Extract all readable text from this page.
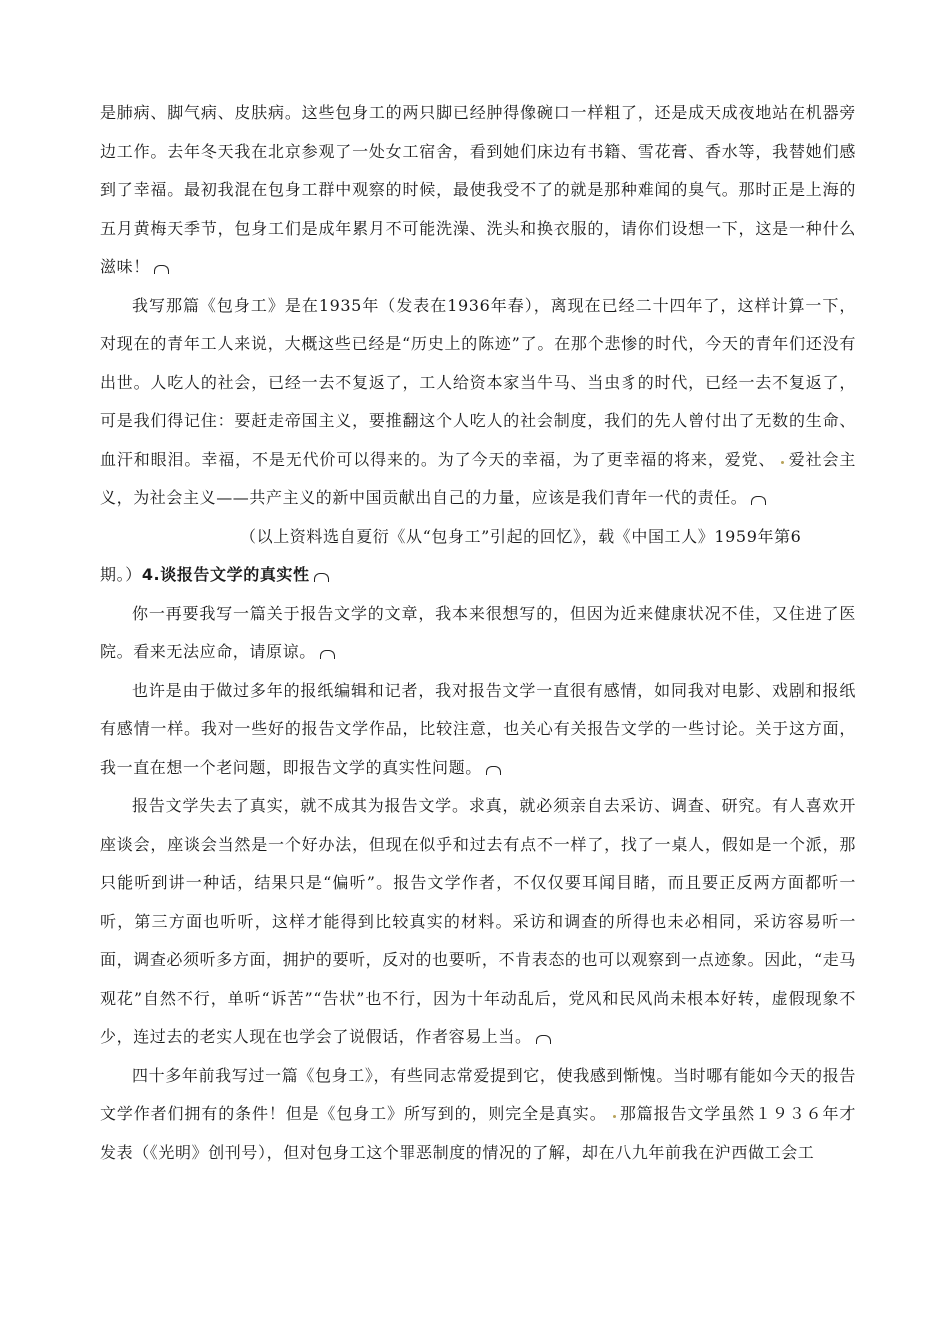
是肺病、脚气病、皮肤病。这些包身工的两只脚已经肿得像碗口一样粗了，还是成天成夜地站在机器旁边工作。去年冬天我在北京参观了一处女工宿舍，看到她们床边有书籍、雪花膏、香水等，我替她们感到了幸福。最初我混在包身工群中观察的时候，最使我受不了的就是那种难闻的臭气。那时正是上海的五月黄梅天季节，包身工们是成年累月不可能洗澡、洗头和换衣服的，请你们设想一下，这是一种什么滋味！

我写那篇《包身工》是在1935年（发表在1936年春），离现在已经二十四年了，这样计算一下，对现在的青年工人来说，大概这些已经是“历史上的陈迹”了。在那个悲惨的时代，今天的青年们还没有出世。人吃人的社会，已经一去不复返了，工人给资本家当牛马、当虫豸的时代，已经一去不复返了，可是我们得记住：要赶走帝国主义，要推翻这个人吃人的社会制度，我们的先人曾付出了无数的生命、血汗和眼泪。幸福，不是无代价可以得来的。为了今天的幸福，为了更幸福的将来，爱党、 爱社会主义，为社会主义——共产主义的新中国贡献出自己的力量，应该是我们青年一代的责任。

（以上资料选自夏衍《从“包身工”引起的回忆》，载《中国工人》1959年第6

期。）4.谈报告文学的真实性

你一再要我写一篇关于报告文学的文章，我本来很想写的，但因为近来健康状况不佳，又住进了医院。看来无法应命，请原谅。

也许是由于做过多年的报纸编辑和记者，我对报告文学一直很有感情，如同我对电影、戏剧和报纸有感情一样。我对一些好的报告文学作品，比较注意，也关心有关报告文学的一些讨论。关于这方面，我一直在想一个老问题，即报告文学的真实性问题。

报告文学失去了真实，就不成其为报告文学。求真，就必须亲自去采访、调查、研究。有人喜欢开座谈会，座谈会当然是一个好办法，但现在似乎和过去有点不一样了，找了一桌人，假如是一个派，那只能听到讲一种话，结果只是“偏听”。报告文学作者，不仅仅要耳闻目睹，而且要正反两方面都听一听，第三方面也听听，这样才能得到比较真实的材料。采访和调查的所得也未必相同，采访容易听一面，调查必须听多方面，拥护的要听，反对的也要听，不肯表态的也可以观察到一点迹象。因此，“走马观花”自然不行，单听“诉苦”“告状”也不行，因为十年动乱后，党风和民风尚未根本好转，虚假现象不少，连过去的老实人现在也学会了说假话，作者容易上当。

四十多年前我写过一篇《包身工》，有些同志常爱提到它，使我感到惭愧。当时哪有能如今天的报告文学作者们拥有的条件！但是《包身工》所写到的，则完全是真实。 那篇报告文学虽然１９３６年才发表（《光明》创刊号），但对包身工这个罪恶制度的情况的了解，却在八九年前我在沪西做工会工
